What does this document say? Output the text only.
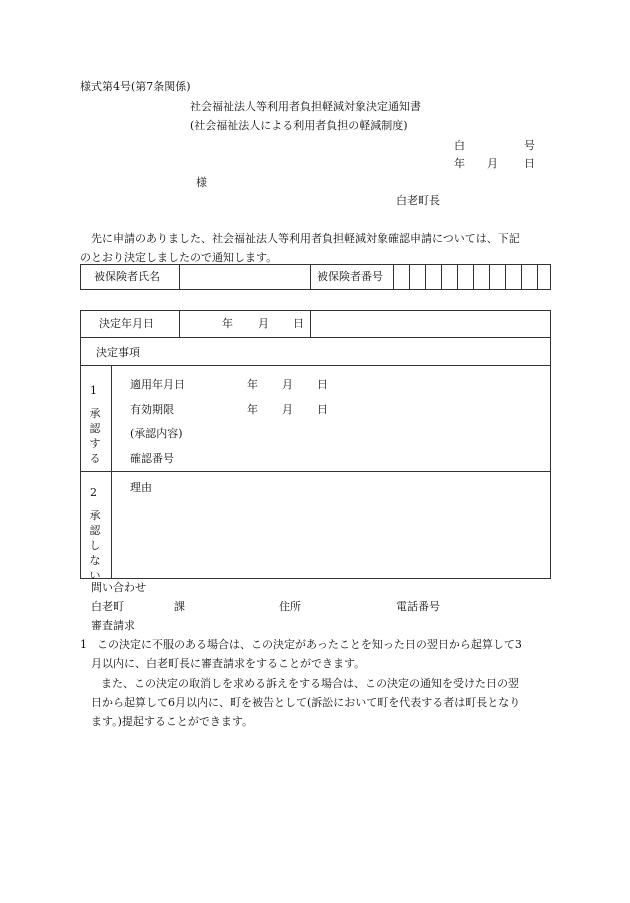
様式第4号(第7条関係)
社会福祉法人等利用者負担軽減対象決定通知書
(社会福祉法人による利用者負担の軽減制度)
白	号
年 月 日
様
白老町長
先に申請のありました、社会福祉法人等利用者負担軽減対象確認申請については、下記
のとおり決定しましたので通知します。
被保険者氏名	被保険者番号
決定年月日	年 月 日
決定事項
1
承認する
適用年月日	年 月 日
有効期限	年 月 日
(承認内容)
確認番号
2
承認しない
理由
問い合わせ
白老町	課	住所	電話番号
審査請求
1 この決定に不服のある場合は、この決定があったことを知った日の翌日から起算して3
月以内に、白老町長に審査請求をすることができます。
また、この決定の取消しを求める訴えをする場合は、この決定の通知を受けた日の翌
日から起算して6月以内に、町を被告として(訴訟において町を代表する者は町長となり
ます。)提起することができます。
